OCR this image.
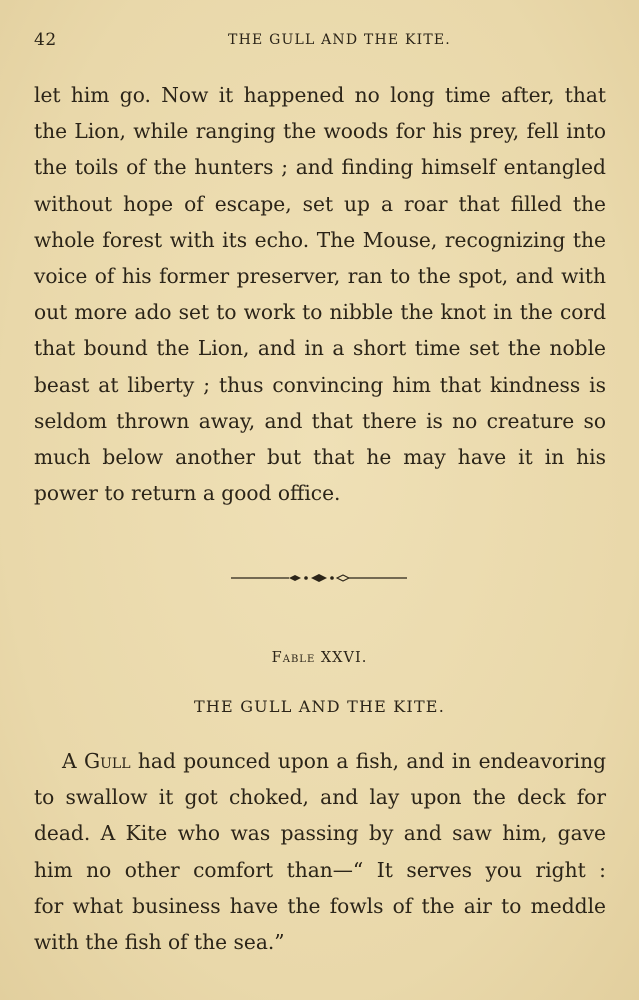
42	THE GULL AND THE KITE.
let him go. Now it happened no long time after, that
the Lion, while ranging the woods for his prey, fell into
the toils of the hunters ; and finding himself entangled
without hope of escape, set up a roar that filled the
whole forest with its echo. The Mouse, recognizing the
voice of his former preserver, ran to the spot, and with
out more ado set to work to nibble the knot in the cord
that bound the Lion, and in a short time set the noble
beast at liberty ; thus convincing him that kindness is
seldom thrown away, and that there is no creature so
much below another but that he may have it in his
power to return a good office.
Fable XXVI.
THE GULL AND THE KITE.
A Gull had pounced upon a fish, and in endeavoring
to swallow it got choked, and lay upon the deck for
dead. A Kite who was passing by and saw him, gave
him no other comfort than—“ It serves you right :
for what business have the fowls of the air to meddle
with the fish of the sea.”
